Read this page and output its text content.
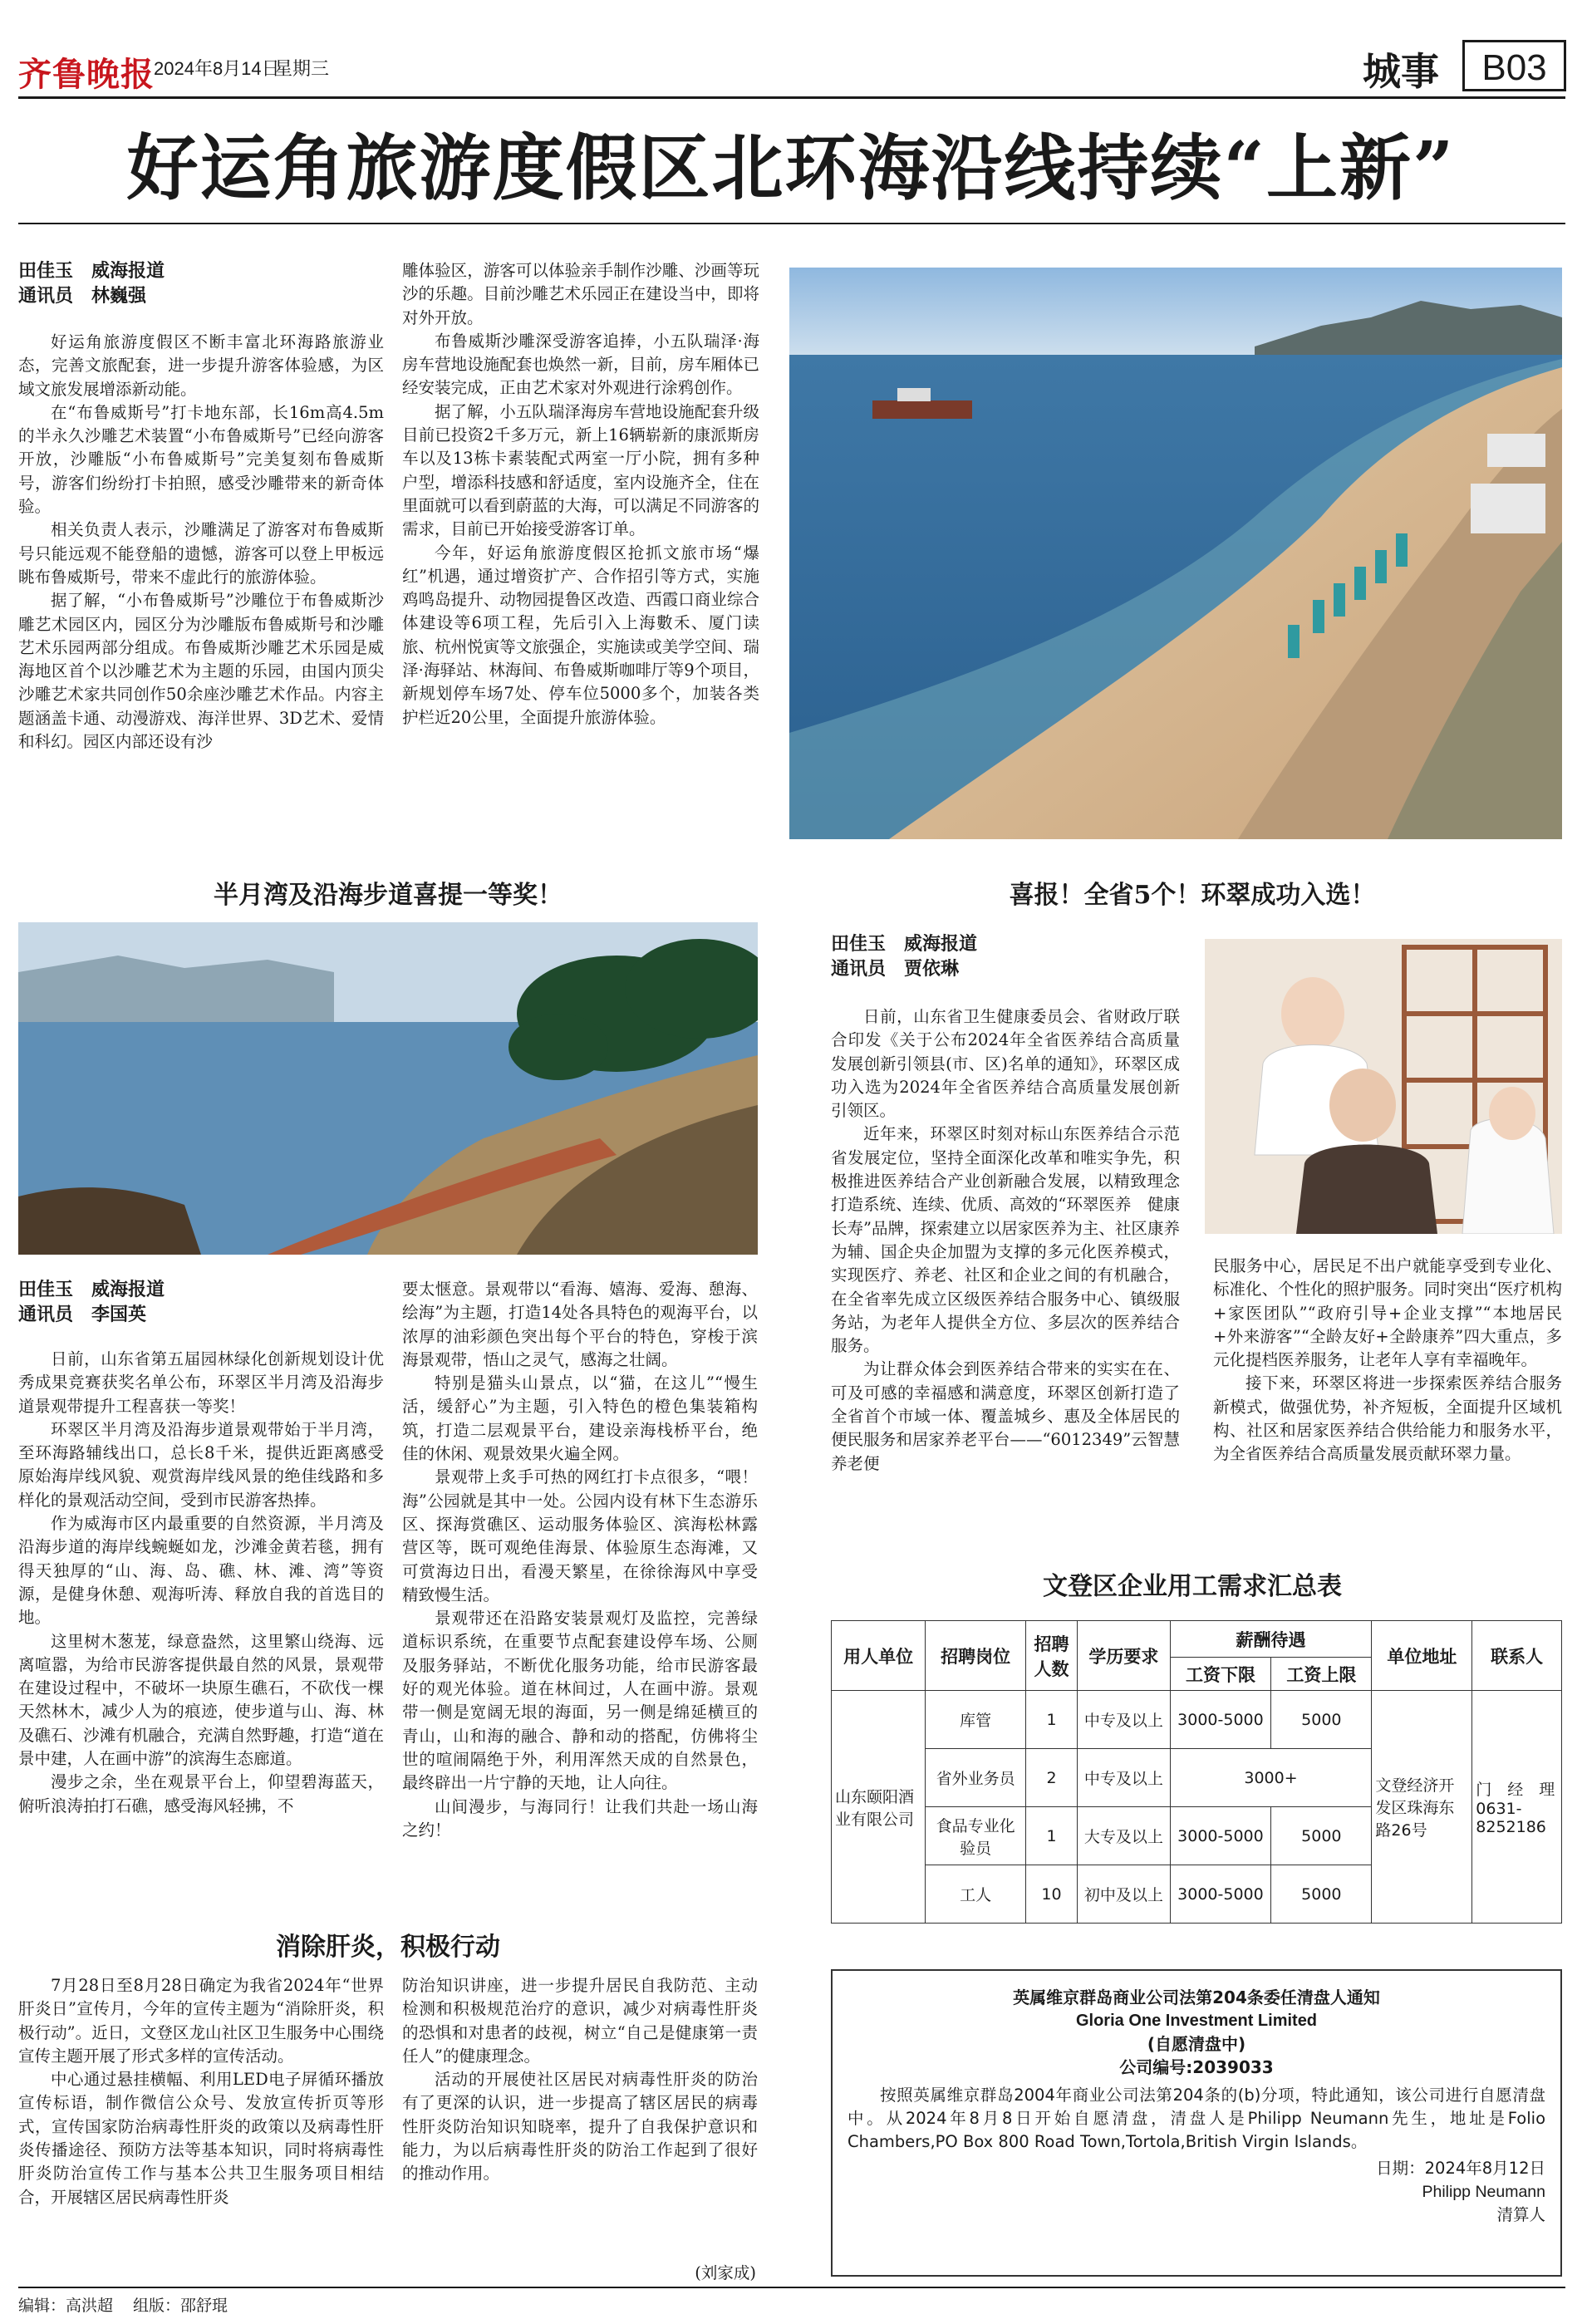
齐鲁晚报 2024年8月14日
星期三	城事	B03
好运角旅游度假区北环海沿线持续“上新”
田佳玉　威海报道
通讯员　林巍强

好运角旅游度假区不断丰富北环海路旅游业态，完善文旅配套，进一步提升游客体验感，为区域文旅发展增添新动能。

在“布鲁威斯号”打卡地东部，长16m高4.5m的半永久沙雕艺术装置“小布鲁威斯号”已经向游客开放，沙雕版“小布鲁威斯号”完美复刻布鲁威斯号，游客们纷纷打卡拍照，感受沙雕带来的新奇体验。

相关负责人表示，沙雕满足了游客对布鲁威斯号只能远观不能登船的遗憾，游客可以登上甲板远眺布鲁威斯号，带来不虚此行的旅游体验。

据了解，“小布鲁威斯号”沙雕位于布鲁威斯沙雕艺术园区内，园区分为沙雕版布鲁威斯号和沙雕艺术乐园两部分组成。布鲁威斯沙雕艺术乐园是威海地区首个以沙雕艺术为主题的乐园，由国内顶尖沙雕艺术家共同创作50余座沙雕艺术作品。内容主题涵盖卡通、动漫游戏、海洋世界、3D艺术、爱情和科幻。园区内部还设有沙

雕体验区，游客可以体验亲手制作沙雕、沙画等玩沙的乐趣。目前沙雕艺术乐园正在建设当中，即将对外开放。

布鲁威斯沙雕深受游客追捧，小五队瑞泽·海房车营地设施配套也焕然一新，目前，房车厢体已经安装完成，正由艺术家对外观进行涂鸦创作。

据了解，小五队瑞泽海房车营地设施配套升级目前已投资2千多万元，新上16辆崭新的康派斯房车以及13栋卡素装配式两室一厅小院，拥有多种户型，增添科技感和舒适度，室内设施齐全，住在里面就可以看到蔚蓝的大海，可以满足不同游客的需求，目前已开始接受游客订单。

今年，好运角旅游度假区抢抓文旅市场“爆红”机遇，通过增资扩产、合作招引等方式，实施鸡鸣岛提升、动物园提鲁区改造、西霞口商业综合体建设等6项工程，先后引入上海數禾、厦门读旅、杭州悦寅等文旅强企，实施读或美学空间、瑞泽·海驿站、林海间、布鲁威斯咖啡厅等9个项目，新规划停车场7处、停车位5000多个，加装各类护栏近20公里，全面提升旅游体验。

半月湾及沿海步道喜提一等奖！
田佳玉　威海报道
通讯员　李国英

日前，山东省第五届园林绿化创新规划设计优秀成果竞赛获奖名单公布，环翠区半月湾及沿海步道景观带提升工程喜获一等奖！

环翠区半月湾及沿海步道景观带始于半月湾，至环海路辅线出口，总长8千米，提供近距离感受原始海岸线风貌、观赏海岸线风景的绝佳线路和多样化的景观活动空间，受到市民游客热捧。

作为威海市区内最重要的自然资源，半月湾及沿海步道的海岸线蜿蜒如龙，沙滩金黄若毯，拥有得天独厚的“山、海、岛、礁、林、滩、湾”等资源，是健身休憩、观海听涛、释放自我的首选目的地。

这里树木葱茏，绿意盎然，这里繁山绕海、远离喧嚣，为给市民游客提供最自然的风景，景观带在建设过程中，不破坏一块原生礁石，不砍伐一棵天然林木，减少人为的痕迹，使步道与山、海、林及礁石、沙滩有机融合，充满自然野趣，打造“道在景中建，人在画中游”的滨海生态廊道。

漫步之余，坐在观景平台上，仰望碧海蓝天，俯听浪涛拍打石礁，感受海风轻拂，不

要太惬意。景观带以“看海、嬉海、爱海、憩海、绘海”为主题，打造14处各具特色的观海平台，以浓厚的油彩颜色突出每个平台的特色，穿梭于滨海景观带，悟山之灵气，感海之壮阔。

特别是猫头山景点，以“猫，在这儿”“慢生活，缓舒心”为主题，引入特色的橙色集装箱构筑，打造二层观景平台，建设亲海栈桥平台，绝佳的休闲、观景效果火遍全网。

景观带上炙手可热的网红打卡点很多，“喂！海”公园就是其中一处。公园内设有林下生态游乐区、探海赏礁区、运动服务体验区、滨海松林露营区等，既可观绝佳海景、体验原生态海滩，又可赏海边日出，看漫天繁星，在徐徐海风中享受精致慢生活。

景观带还在沿路安装景观灯及监控，完善绿道标识系统，在重要节点配套建设停车场、公厕及服务驿站，不断优化服务功能，给市民游客最好的观光体验。道在林间过，人在画中游。景观带一侧是宽阔无垠的海面，另一侧是绵延横亘的青山，山和海的融合、静和动的搭配，仿佛将尘世的喧闹隔绝于外，利用浑然天成的自然景色，最终辟出一片宁静的天地，让人向往。

山间漫步，与海同行！让我们共赴一场山海之约！

消除肝炎，积极行动

7月28日至8月28日确定为我省2024年“世界肝炎日”宣传月，今年的宣传主题为“消除肝炎，积极行动”。近日，文登区龙山社区卫生服务中心围绕宣传主题开展了形式多样的宣传活动。

中心通过悬挂横幅、利用LED电子屏循环播放宣传标语，制作微信公众号、发放宣传折页等形式，宣传国家防治病毒性肝炎的政策以及病毒性肝炎传播途径、预防方法等基本知识，同时将病毒性肝炎防治宣传工作与基本公共卫生服务项目相结合，开展辖区居民病毒性肝炎

防治知识讲座，进一步提升居民自我防范、主动检测和积极规范治疗的意识，减少对病毒性肝炎的恐惧和对患者的歧视，树立“自己是健康第一责任人”的健康理念。

活动的开展使社区居民对病毒性肝炎的防治有了更深的认识，进一步提高了辖区居民的病毒性肝炎防治知识知晓率，提升了自我保护意识和能力，为以后病毒性肝炎的防治工作起到了很好的推动作用。

(刘家成)
喜报！全省5个！环翠成功入选！
田佳玉　威海报道
通讯员　贾依琳

日前，山东省卫生健康委员会、省财政厅联合印发《关于公布2024年全省医养结合高质量发展创新引领县(市、区)名单的通知》，环翠区成功入选为2024年全省医养结合高质量发展创新引领区。

近年来，环翠区时刻对标山东医养结合示范省发展定位，坚持全面深化改革和唯实争先，积极推进医养结合产业创新融合发展，以精致理念打造系统、连续、优质、高效的“环翠医养　健康长寿”品牌，探索建立以居家医养为主、社区康养为辅、国企央企加盟为支撑的多元化医养模式，实现医疗、养老、社区和企业之间的有机融合，在全省率先成立区级医养结合服务中心、镇级服务站，为老年人提供全方位、多层次的医养结合服务。

为让群众体会到医养结合带来的实实在在、可及可感的幸福感和满意度，环翠区创新打造了全省首个市域一体、覆盖城乡、惠及全体居民的便民服务和居家养老平台——“6012349”云智慧养老便

民服务中心，居民足不出户就能享受到专业化、标准化、个性化的照护服务。同时突出“医疗机构+家医团队”“政府引导+企业支撑”“本地居民+外来游客”“全龄友好+全龄康养”四大重点，多元化提档医养服务，让老年人享有幸福晚年。

接下来，环翠区将进一步探索医养结合服务新模式，做强优势，补齐短板，全面提升区域机构、社区和居家医养结合供给能力和服务水平，为全省医养结合高质量发展贡献环翠力量。

文登区企业用工需求汇总表
用人单位	招聘岗位	招聘人数	学历要求	薪酬待遇		单位地址	联系人
				工资下限	工资上限		
山东颐阳酒业有限公司	库管	1	中专及以上	3000-5000	5000	文登经济开发区珠海东路26号	门　经　理0631-8252186
	省外业务员	2	中专及以上	3000+			
	食品专业化验员	1	大专及以上	3000-5000	5000		
	工人	10	初中及以上	3000-5000	5000		
英属维京群岛商业公司法第204条委任清盘人通知
Gloria One Investment Limited
(自愿清盘中)
公司编号:2039033
按照英属维京群岛2004年商业公司法第204条的(b)分项，特此通知，该公司进行自愿清盘中。从2024年8月8日开始自愿清盘，清盘人是Philipp Neumann先生，地址是Folio Chambers,PO Box 800 Road Town,Tortola,British Virgin Islands。
日期：2024年8月12日
Philipp Neumann
清算人
编辑：高洪超 组版：邵舒琨
